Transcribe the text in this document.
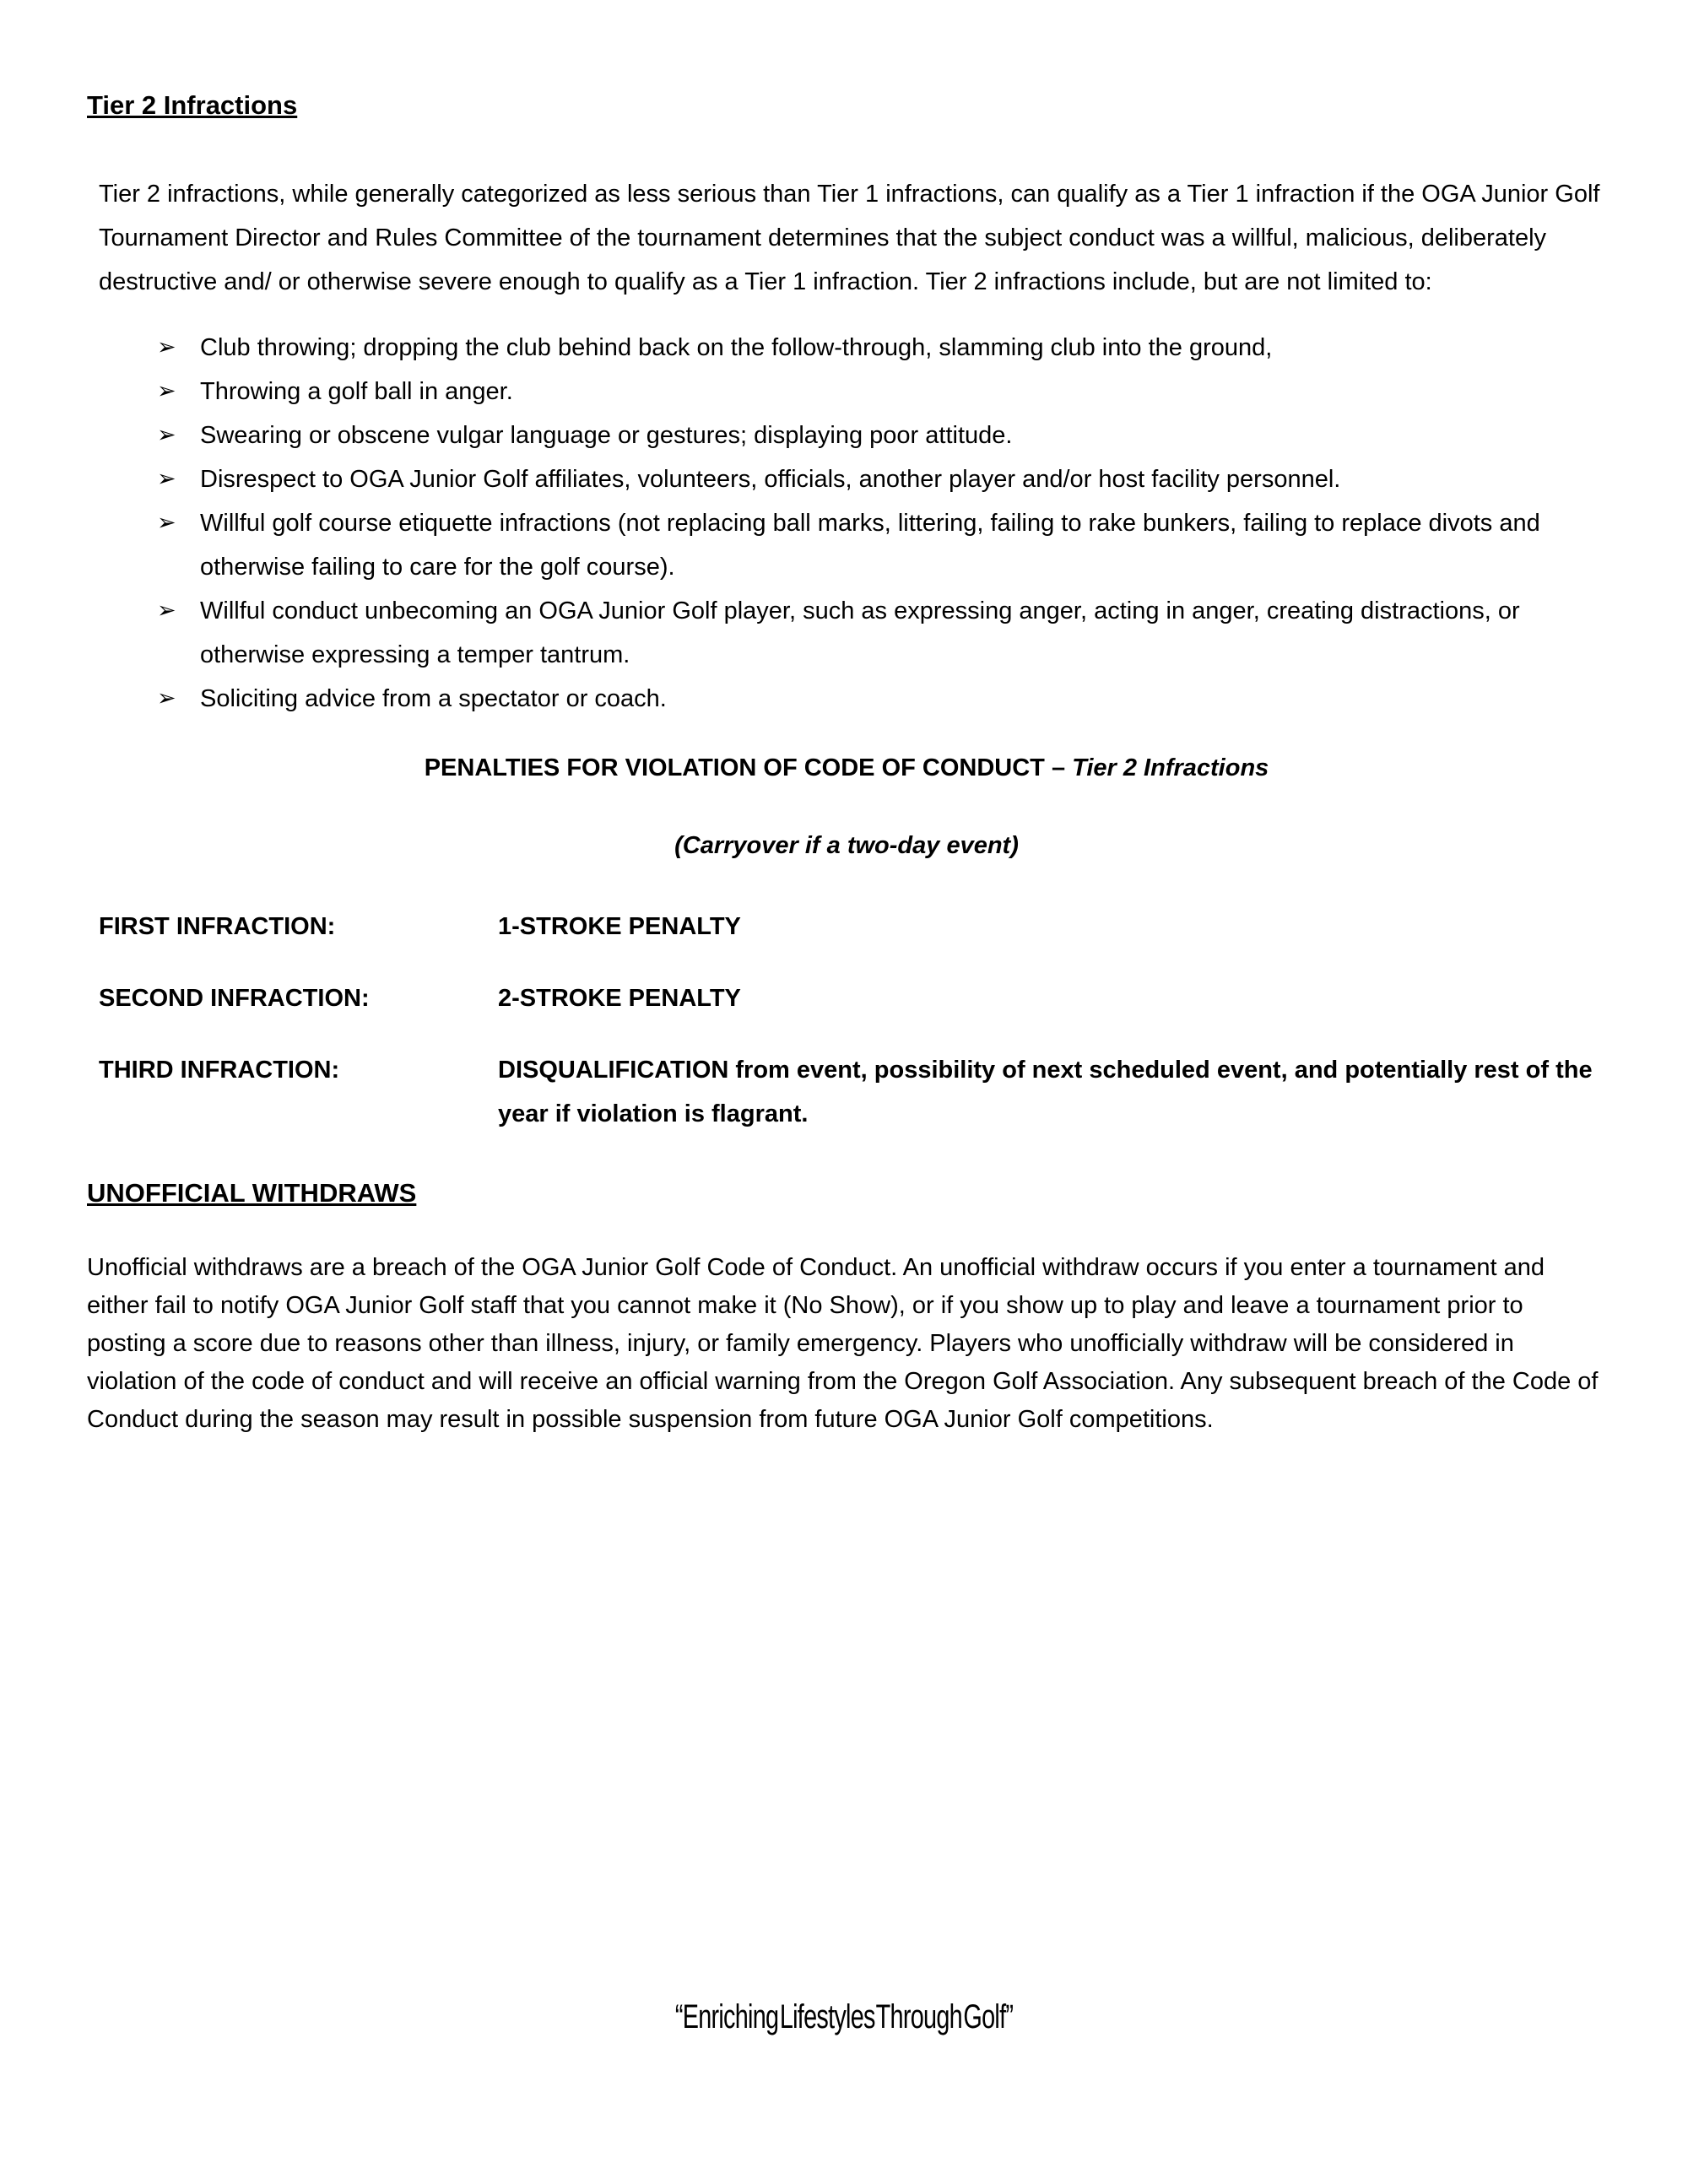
Tier 2 Infractions

Tier 2 infractions, while generally categorized as less serious than Tier 1 infractions, can qualify as a Tier 1 infraction if the OGA Junior Golf Tournament Director and Rules Committee of the tournament determines that the subject conduct was a willful, malicious, deliberately destructive and/ or otherwise severe enough to qualify as a Tier 1 infraction. Tier 2 infractions include, but are not limited to:

➢ Club throwing; dropping the club behind back on the follow-through, slamming club into the ground,
➢ Throwing a golf ball in anger.
➢ Swearing or obscene vulgar language or gestures; displaying poor attitude.
➢ Disrespect to OGA Junior Golf affiliates, volunteers, officials, another player and/or host facility personnel.
➢ Willful golf course etiquette infractions (not replacing ball marks, littering, failing to rake bunkers, failing to replace divots and otherwise failing to care for the golf course).
➢ Willful conduct unbecoming an OGA Junior Golf player, such as expressing anger, acting in anger, creating distractions, or otherwise expressing a temper tantrum.
➢ Soliciting advice from a spectator or coach.
PENALTIES FOR VIOLATION OF CODE OF CONDUCT – Tier 2 Infractions
(Carryover if a two-day event)
FIRST INFRACTION:	1-STROKE PENALTY
SECOND INFRACTION:	2-STROKE PENALTY
THIRD INFRACTION:	DISQUALIFICATION from event, possibility of next scheduled event, and potentially rest of the year if violation is flagrant.
UNOFFICIAL WITHDRAWS

Unofficial withdraws are a breach of the OGA Junior Golf Code of Conduct. An unofficial withdraw occurs if you enter a tournament and either fail to notify OGA Junior Golf staff that you cannot make it (No Show), or if you show up to play and leave a tournament prior to posting a score due to reasons other than illness, injury, or family emergency. Players who unofficially withdraw will be considered in violation of the code of conduct and will receive an official warning from the Oregon Golf Association. Any subsequent breach of the Code of Conduct during the season may result in possible suspension from future OGA Junior Golf competitions.

“Enriching Lifestyles Through Golf”
